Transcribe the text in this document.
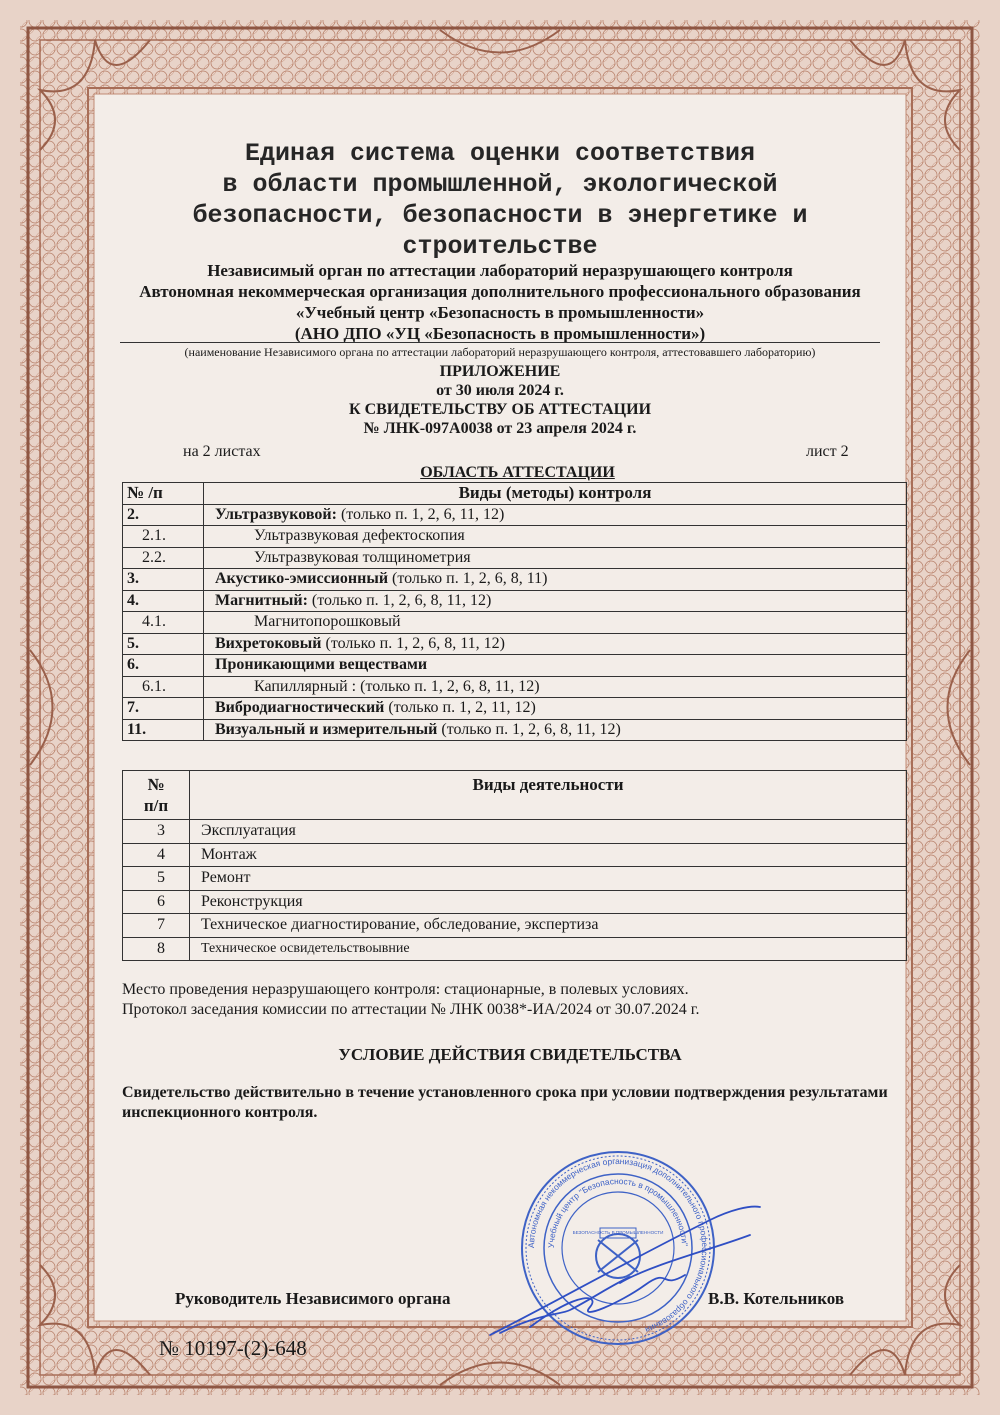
Единая система оценки соответствия
в области промышленной, экологической
безопасности, безопасности в энергетике и
строительстве
Независимый орган по аттестации лабораторий неразрушающего контроля
Автономная некоммерческая организация дополнительного профессионального образования
«Учебный центр «Безопасность в промышленности»
(АНО ДПО «УЦ «Безопасность в промышленности»)
(наименование Независимого органа по аттестации лабораторий неразрушающего контроля, аттестовавшего лабораторию)
ПРИЛОЖЕНИЕ
от 30 июля 2024 г.
К СВИДЕТЕЛЬСТВУ ОБ АТТЕСТАЦИИ
№ ЛНК-097А0038 от 23 апреля 2024 г.
на 2 листах	лист 2
ОБЛАСТЬ АТТЕСТАЦИИ
№ /п	Виды (методы) контроля
2.	Ультразвуковой: (только п. 1, 2, 6, 11, 12)
2.1.	Ультразвуковая дефектоскопия
2.2.	Ультразвуковая толщинометрия
3.	Акустико-эмиссионный (только п. 1, 2, 6, 8, 11)
4.	Магнитный: (только п. 1, 2, 6, 8, 11, 12)
4.1.	Магнитопорошковый
5.	Вихретоковый (только п. 1, 2, 6, 8, 11, 12)
6.	Проникающими веществами
6.1.	Капиллярный : (только п. 1, 2, 6, 8, 11, 12)
7.	Вибродиагностический (только п. 1, 2, 11, 12)
11.	Визуальный и измерительный (только п. 1, 2, 6, 8, 11, 12)
№
п/п	Виды деятельности
3	Эксплуатация
4	Монтаж
5	Ремонт
6	Реконструкция
7	Техническое диагностирование, обследование, экспертиза
8	Техническое освидетельствоывние
Место проведения неразрушающего контроля: стационарные, в полевых условиях.
Протокол заседания комиссии по аттестации № ЛНК 0038*-ИА/2024 от 30.07.2024 г.
УСЛОВИЕ ДЕЙСТВИЯ СВИДЕТЕЛЬСТВА
Свидетельство действительно в течение установленного срока при условии подтверждения результатами инспекционного контроля.
Автономная некоммерческая организация дополнительного профессионального образования
Учебный центр "Безопасность в промышленности"
БЕЗОПАСНОСТЬ В ПРОМЫШЛЕННОСТИ
Руководитель Независимого органа	В.В. Котельников
№ 10197-(2)-648
